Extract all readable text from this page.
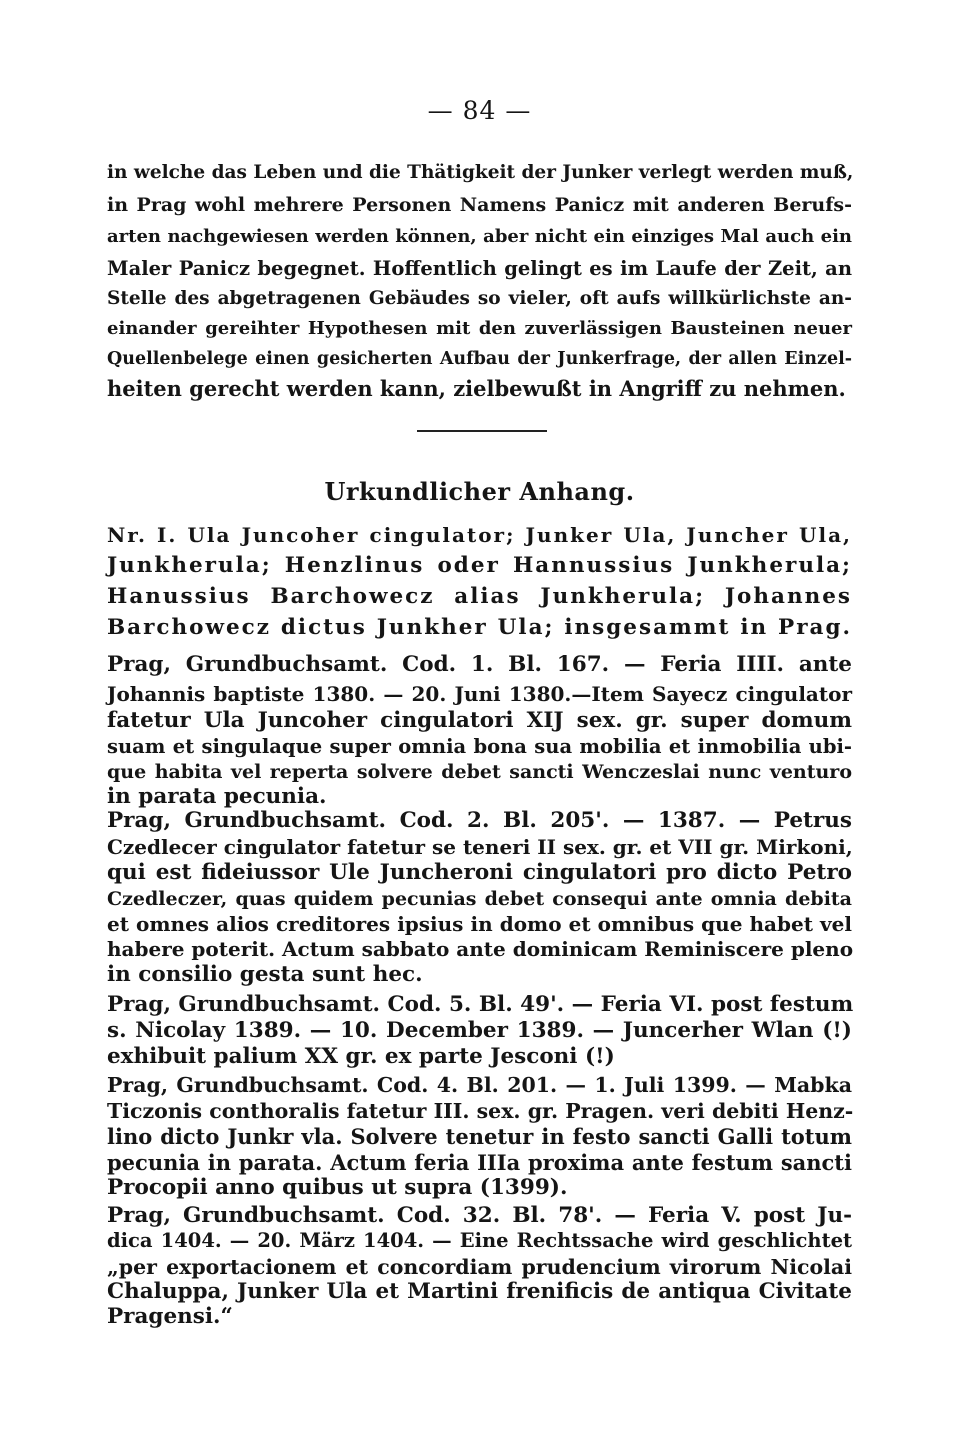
— 84 —
in welche das Leben und die Thätigkeit der Junker verlegt werden muß,
in Prag wohl mehrere Personen Namens Panicz mit anderen Berufs-
arten nachgewiesen werden können, aber nicht ein einziges Mal auch ein
Maler Panicz begegnet. Hoffentlich gelingt es im Laufe der Zeit, an
Stelle des abgetragenen Gebäudes so vieler, oft aufs willkürlichste an-
einander gereihter Hypothesen mit den zuverlässigen Bausteinen neuer
Quellenbelege einen gesicherten Aufbau der Junkerfrage, der allen Einzel-
heiten gerecht werden kann, zielbewußt in Angriff zu nehmen.
Urkundlicher Anhang.
Nr. I. Ula Juncoher cingulator; Junker Ula, Juncher Ula,
Junkherula; Henzlinus oder Hannussius Junkherula;
Hanussius Barchowecz alias Junkherula; Johannes
Barchowecz dictus Junkher Ula; insgesammt in Prag.
Prag, Grundbuchsamt. Cod. 1. Bl. 167. — Feria IIII. ante
Johannis baptiste 1380. — 20. Juni 1380.—Item Sayecz cingulator
fatetur Ula Juncoher cingulatori XIJ sex. gr. super domum
suam et singulaque super omnia bona sua mobilia et inmobilia ubi-
que habita vel reperta solvere debet sancti Wenczeslai nunc venturo
in parata pecunia.
Prag, Grundbuchsamt. Cod. 2. Bl. 205'. — 1387. — Petrus
Czedlecer cingulator fatetur se teneri II sex. gr. et VII gr. Mirkoni,
qui est fideiussor Ule Juncheroni cingulatori pro dicto Petro
Czedleczer, quas quidem pecunias debet consequi ante omnia debita
et omnes alios creditores ipsius in domo et omnibus que habet vel
habere poterit. Actum sabbato ante dominicam Reminiscere pleno
in consilio gesta sunt hec.
Prag, Grundbuchsamt. Cod. 5. Bl. 49'. — Feria VI. post festum
s. Nicolay 1389. — 10. December 1389. — Juncerher Wlan (!)
exhibuit palium XX gr. ex parte Jesconi (!)
Prag, Grundbuchsamt. Cod. 4. Bl. 201. — 1. Juli 1399. — Mabka
Ticzonis conthoralis fatetur III. sex. gr. Pragen. veri debiti Henz-
lino dicto Junkr vla. Solvere tenetur in festo sancti Galli totum
pecunia in parata. Actum feria IIIa proxima ante festum sancti
Procopii anno quibus ut supra (1399).
Prag, Grundbuchsamt. Cod. 32. Bl. 78'. — Feria V. post Ju-
dica 1404. — 20. März 1404. — Eine Rechtssache wird geschlichtet
„per exportacionem et concordiam prudencium virorum Nicolai
Chaluppa, Junker Ula et Martini frenificis de antiqua Civitate
Pragensi.“
